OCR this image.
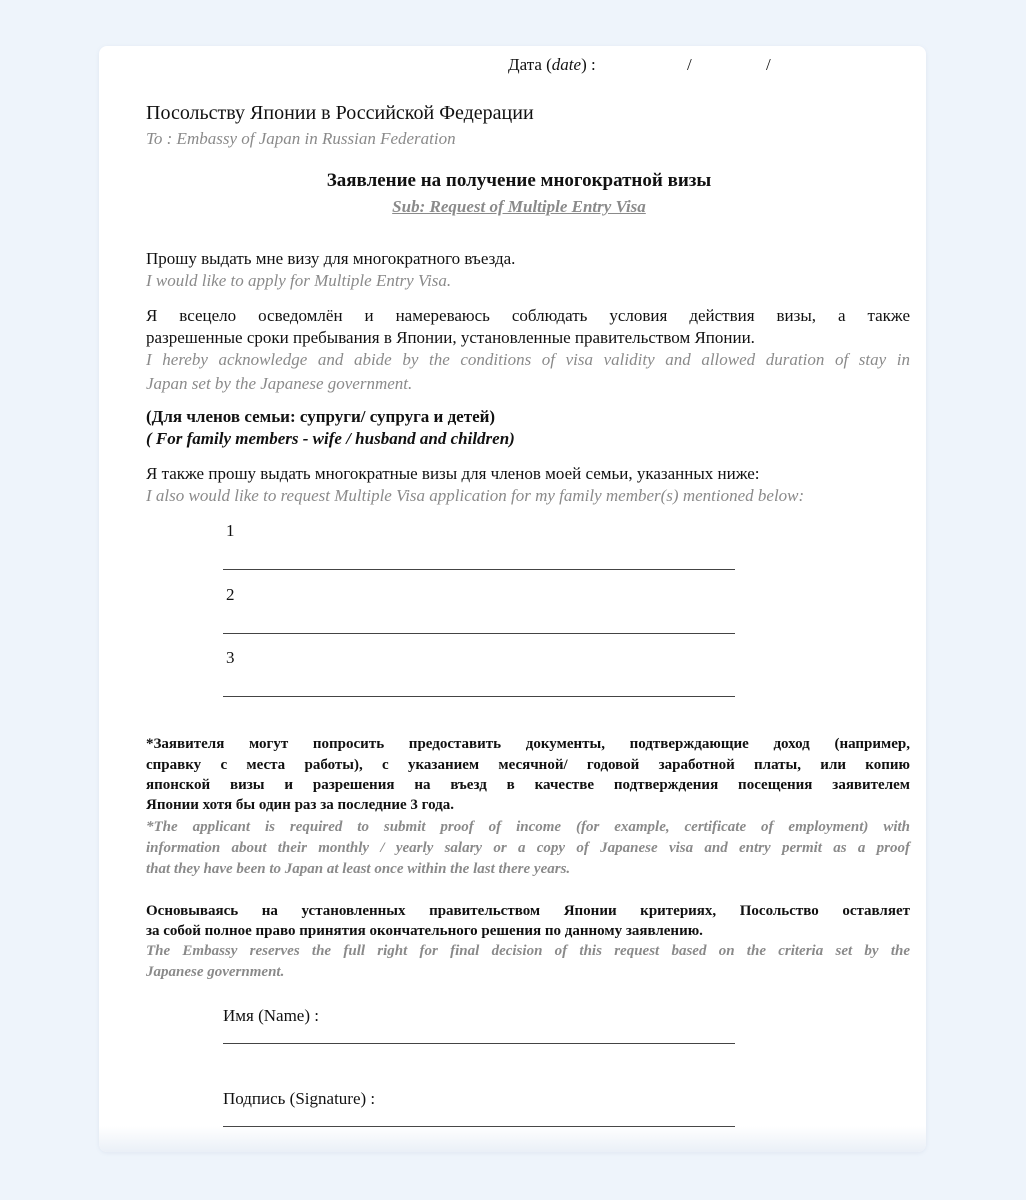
Дата (date) :	/	/
Посольству Японии в Российской Федерации
To : Embassy of Japan in Russian Federation
Заявление на получение многократной визы
Sub: Request of Multiple Entry Visa
Прошу выдать мне визу для многократного въезда.
I would like to apply for Multiple Entry Visa.
Я всецело осведомлён и намереваюсь соблюдать условия действия визы, а также
разрешенные сроки пребывания в Японии, установленные правительством Японии.
I hereby acknowledge and abide by the conditions of visa validity and allowed duration of stay in
Japan set by the Japanese government.
(Для членов семьи: супруги/ супруга и детей)
( For family members - wife / husband and children)
Я также прошу выдать многократные визы для членов моей семьи, указанных ниже:
I also would like to request Multiple Visa application for my family member(s) mentioned below:
1
2
3
*Заявителя могут попросить предоставить документы, подтверждающие доход (например,
справку с места работы), с указанием месячной/ годовой заработной платы, или копию
японской визы и разрешения на въезд в качестве подтверждения посещения заявителем
Японии хотя бы один раз за последние 3 года.
*The applicant is required to submit proof of income (for example, certificate of employment) with
information about their monthly / yearly salary or a copy of Japanese visa and entry permit as a proof
that they have been to Japan at least once within the last there years.
Основываясь на установленных правительством Японии критериях, Посольство оставляет
за собой полное право принятия окончательного решения по данному заявлению.
The Embassy reserves the full right for final decision of this request based on the criteria set by the
Japanese government.
Имя (Name) :
Подпись (Signature) :
